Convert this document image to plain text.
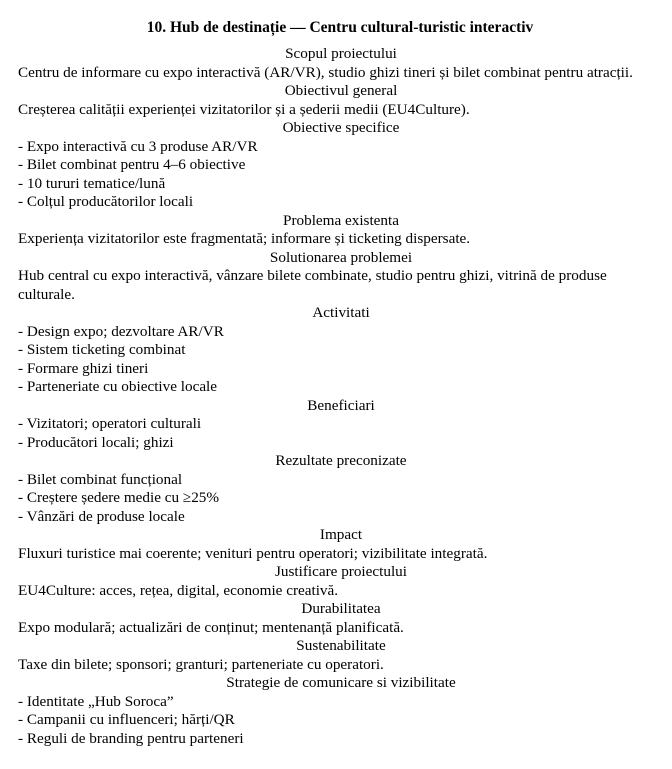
10. Hub de destinație — Centru cultural-turistic interactiv

Scopul proiectului

Centru de informare cu expo interactivă (AR/VR), studio ghizi tineri și bilet combinat pentru atracții.

Obiectivul general

Creșterea calității experienței vizitatorilor și a șederii medii (EU4Culture).

Obiective specifice

- Expo interactivă cu 3 produse AR/VR
- Bilet combinat pentru 4–6 obiective
- 10 tururi tematice/lună
- Colțul producătorilor locali

Problema existenta

Experiența vizitatorilor este fragmentată; informare și ticketing dispersate.

Solutionarea problemei

Hub central cu expo interactivă, vânzare bilete combinate, studio pentru ghizi, vitrină de produse culturale.

Activitati

- Design expo; dezvoltare AR/VR
- Sistem ticketing combinat
- Formare ghizi tineri
- Parteneriate cu obiective locale

Beneficiari

- Vizitatori; operatori culturali
- Producători locali; ghizi

Rezultate preconizate

- Bilet combinat funcțional
- Creștere ședere medie cu ≥25%
- Vânzări de produse locale

Impact

Fluxuri turistice mai coerente; venituri pentru operatori; vizibilitate integrată.

Justificare proiectului

EU4Culture: acces, rețea, digital, economie creativă.

Durabilitatea

Expo modulară; actualizări de conținut; mentenanță planificată.

Sustenabilitate

Taxe din bilete; sponsori; granturi; parteneriate cu operatori.

Strategie de comunicare si vizibilitate

- Identitate „Hub Soroca”
- Campanii cu influenceri; hărți/QR
- Reguli de branding pentru parteneri
